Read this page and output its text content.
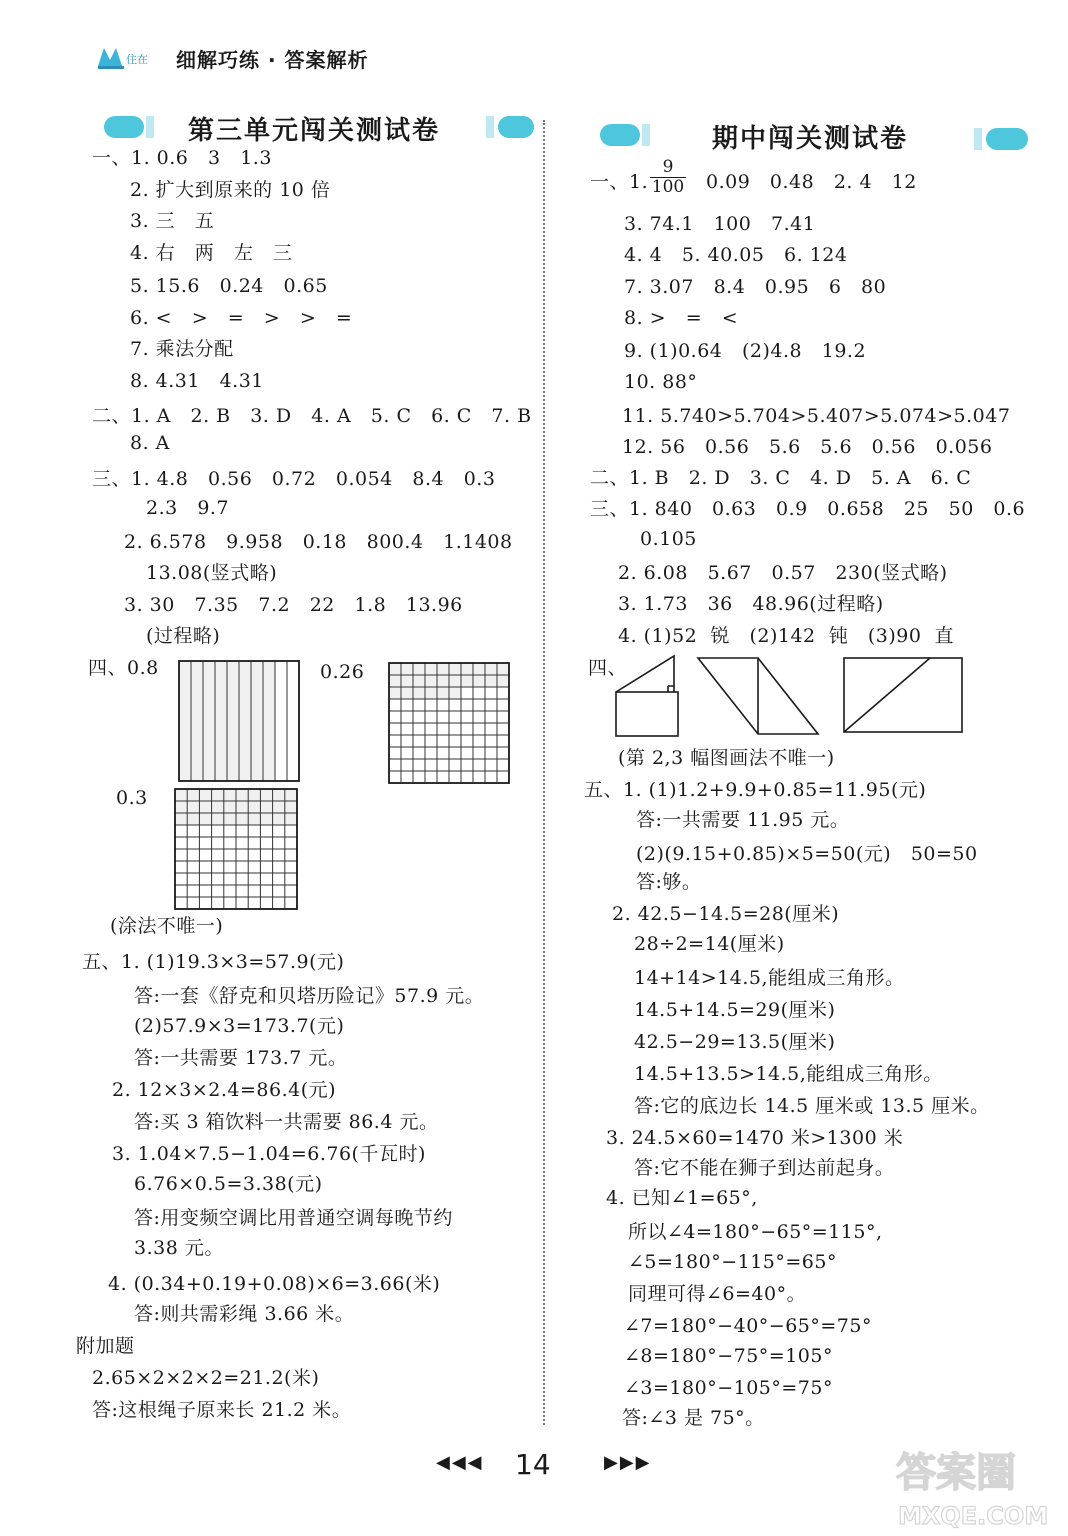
住在 细解巧练 · 答案解析
第三单元闯关测试卷	期中闯关测试卷
一、1. 0.6   3   1.3
2. 扩大到原来的 10 倍
3. 三   五
4. 右   两   左   三
5. 15.6   0.24   0.65
6. <   >   =   >   >   =
7. 乘法分配
8. 4.31   4.31
二、1. A   2. B   3. D   4. A   5. C   6. C   7. B
8. A
三、1. 4.8   0.56   0.72   0.054   8.4   0.3
2.3   9.7
2. 6.578   9.958   0.18   800.4   1.1408
13.08(竖式略)
3. 30   7.35   7.2   22   1.8   13.96
(过程略)
四、0.8	0.26
0.3
(涂法不唯一)
五、1. (1)19.3×3=57.9(元)
答:一套《舒克和贝塔历险记》57.9 元。
(2)57.9×3=173.7(元)
答:一共需要 173.7 元。
2. 12×3×2.4=86.4(元)
答:买 3 箱饮料一共需要 86.4 元。
3. 1.04×7.5−1.04=6.76(千瓦时)
6.76×0.5=3.38(元)
答:用变频空调比用普通空调每晚节约
3.38 元。
4. (0.34+0.19+0.08)×6=3.66(米)
答:则共需彩绳 3.66 米。
附加题
2.65×2×2×2=21.2(米)
答:这根绳子原来长 21.2 米。
一、1. $\frac{9}{100} 0.09$   0.48   2. 4   12
3. 74.1   100   7.41
4. 4   5. 40.05   6. 124
7. 3.07   8.4   0.95   6   80
8. >   =   <
9. (1)0.64   (2)4.8   19.2
10. 88°
11. 5.740>5.704>5.407>5.074>5.047
12. 56   0.56   5.6   5.6   0.56   0.056
二、1. B   2. D   3. C   4. D   5. A   6. C
三、1. 840   0.63   0.9   0.658   25   50   0.6
0.105
2. 6.08   5.67   0.57   230(竖式略)
3. 1.73   36   48.96(过程略)
4. (1)52  锐   (2)142  钝   (3)90  直
四、
(第 2,3 幅图画法不唯一)
五、1. (1)1.2+9.9+0.85=11.95(元)
答:一共需要 11.95 元。
(2)(9.15+0.85)×5=50(元)   50=50
答:够。
2. 42.5−14.5=28(厘米)
28÷2=14(厘米)
14+14>14.5,能组成三角形。
14.5+14.5=29(厘米)
42.5−29=13.5(厘米)
14.5+13.5>14.5,能组成三角形。
答:它的底边长 14.5 厘米或 13.5 厘米。
3. 24.5×60=1470 米>1300 米
答:它不能在狮子到达前起身。
4. 已知∠1=65°,
所以∠4=180°−65°=115°,
∠5=180°−115°=65°
同理可得∠6=40°。
∠7=180°−40°−65°=75°
∠8=180°−75°=105°
∠3=180°−105°=75°
答:∠3 是 75°。
◀◀◀ 14	▶▶▶	答案圈
MXQE.COM
